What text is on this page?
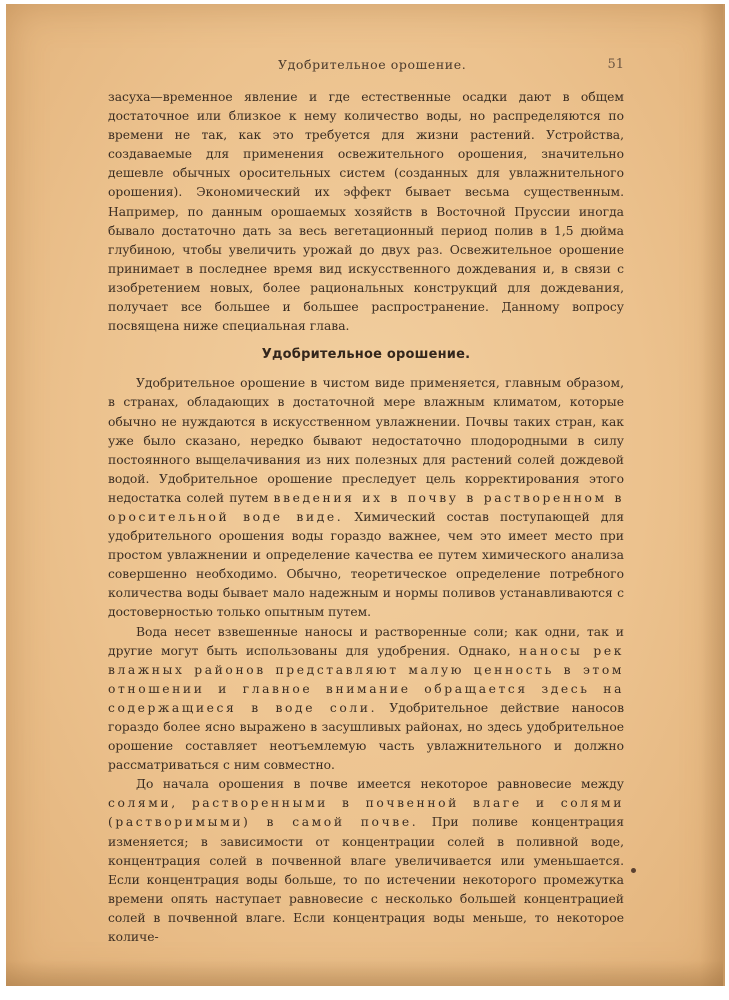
Удобрительное орошение.	51

засуха—временное явление и где естественные осадки дают в общем достаточное или близкое к нему количество воды, но распределяются по времени не так, как это требуется для жизни растений. Устройства, создаваемые для применения освежительного орошения, значительно дешевле обычных оросительных систем (созданных для увлажнительного орошения). Экономический их эффект бывает весьма существенным. Например, по данным орошаемых хозяйств в Восточной Пруссии иногда бывало достаточно дать за весь вегетационный период полив в 1,5 дюйма глубиною, чтобы увеличить урожай до двух раз. Освежительное орошение принимает в последнее время вид искусственного дождевания и, в связи с изобретением новых, более рациональных конструкций для дождевания, получает все большее и большее распространение. Данному вопросу посвящена ниже специальная глава.

Удобрительное орошение.

Удобрительное орошение в чистом виде применяется, главным образом, в странах, обладающих в достаточной мере влажным климатом, которые обычно не нуждаются в искусственном увлажнении. Почвы таких стран, как уже было сказано, нередко бывают недостаточно плодородными в силу постоянного выщелачивания из них полезных для растений солей дождевой водой. Удобрительное орошение преследует цель корректирования этого недостатка солей путем введения их в почву в растворенном в оросительной воде виде. Химический состав поступающей для удобрительного орошения воды гораздо важнее, чем это имеет место при простом увлажнении и определение качества ее путем химического анализа совершенно необходимо. Обычно, теоретическое определение потребного количества воды бывает мало надежным и нормы поливов устанавливаются с достоверностью только опытным путем.

Вода несет взвешенные наносы и растворенные соли; как одни, так и другие могут быть использованы для удобрения. Однако, наносы рек влажных районов представляют малую ценность в этом отношении и главное внимание обращается здесь на содержащиеся в воде соли. Удобрительное действие наносов гораздо более ясно выражено в засушливых районах, но здесь удобрительное орошение составляет неотъемлемую часть увлажнительного и должно рассматриваться с ним совместно.

До начала орошения в почве имеется некоторое равновесие между солями, растворенными в почвенной влаге и солями (растворимыми) в самой почве. При поливе концентрация изменяется; в зависимости от концентрации солей в поливной воде, концентрация солей в почвенной влаге увеличивается или уменьшается. Если концентрация воды больше, то по истечении некоторого промежутка времени опять наступает равновесие с несколько большей концентрацией солей в почвенной влаге. Если концентрация воды меньше, то некоторое количе-
